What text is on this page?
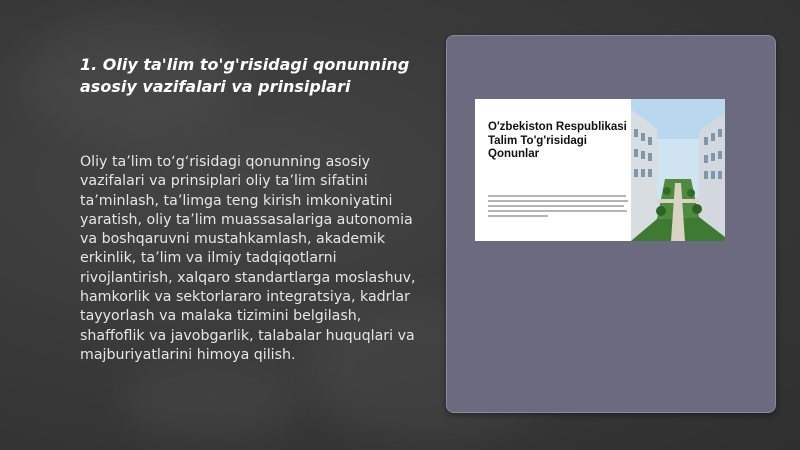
1. Oliy ta'lim to'g'risidagi qonunning asosiy vazifalari va prinsiplari
Oliy ta’lim to‘g‘risidagi qonunning asosiy vazifalari va prinsiplari oliy ta’lim sifatini ta’minlash, ta’limga teng kirish imkoniyatini yaratish, oliy ta’lim muassasalariga autonomia va boshqaruvni mustahkamlash, akademik erkinlik, ta’lim va ilmiy tadqiqotlarni rivojlantirish, xalqaro standartlarga moslashuv, hamkorlik va sektorlararo integratsiya, kadrlar tayyorlash va malaka tizimini belgilash, shaffoflik va javobgarlik, talabalar huquqlari va majburiyatlarini himoya qilish.
O'zbekiston Respublikasi Talim To'g'risidagi Qonunlar
